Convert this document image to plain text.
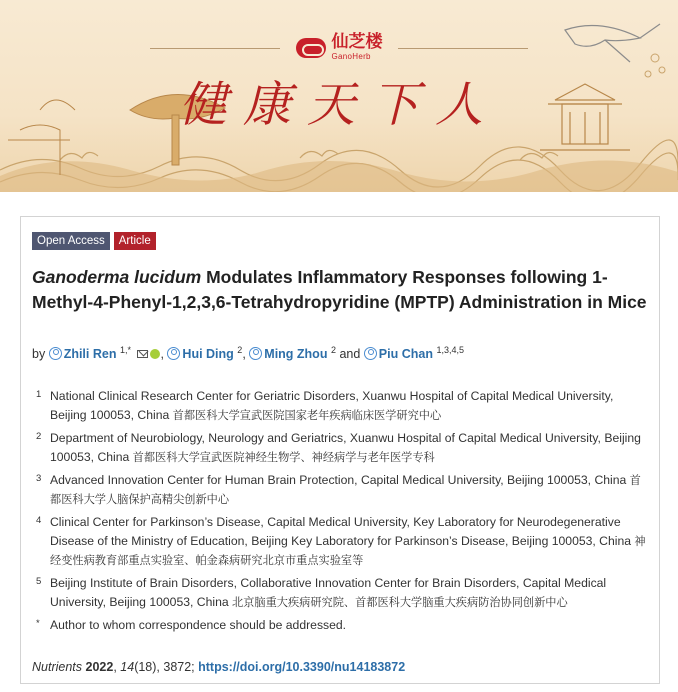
仙芝楼
GanoHerb
健康天下人
Open Access	Article
Ganoderma lucidum Modulates Inflammatory Responses following 1-Methyl-4-Phenyl-1,2,3,6-Tetrahydropyridine (MPTP) Administration in Mice
by Zhili Ren $^{1,*}$ , Hui Ding $^2$, Ming Zhou $^2$ and Piu Chan $^{1,3,4,5}$
1 National Clinical Research Center for Geriatric Disorders, Xuanwu Hospital of Capital Medical University, Beijing 100053, China 首都医科大学宣武医院国家老年疾病临床医学研究中心
2 Department of Neurobiology, Neurology and Geriatrics, Xuanwu Hospital of Capital Medical University, Beijing 100053, China 首都医科大学宣武医院神经生物学、神经病学与老年医学专科
3 Advanced Innovation Center for Human Brain Protection, Capital Medical University, Beijing 100053, China 首都医科大学人脑保护高精尖创新中心
4 Clinical Center for Parkinson’s Disease, Capital Medical University, Key Laboratory for Neurodegenerative Disease of the Ministry of Education, Beijing Key Laboratory for Parkinson’s Disease, Beijing 100053, China 神经变性病教育部重点实验室、帕金森病研究北京市重点实验室等
5 Beijing Institute of Brain Disorders, Collaborative Innovation Center for Brain Disorders, Capital Medical University, Beijing 100053, China 北京脑重大疾病研究院、首都医科大学脑重大疾病防治协同创新中心
* Author to whom correspondence should be addressed.
Nutrients 2022, 14(18), 3872; https://doi.org/10.3390/nu14183872
